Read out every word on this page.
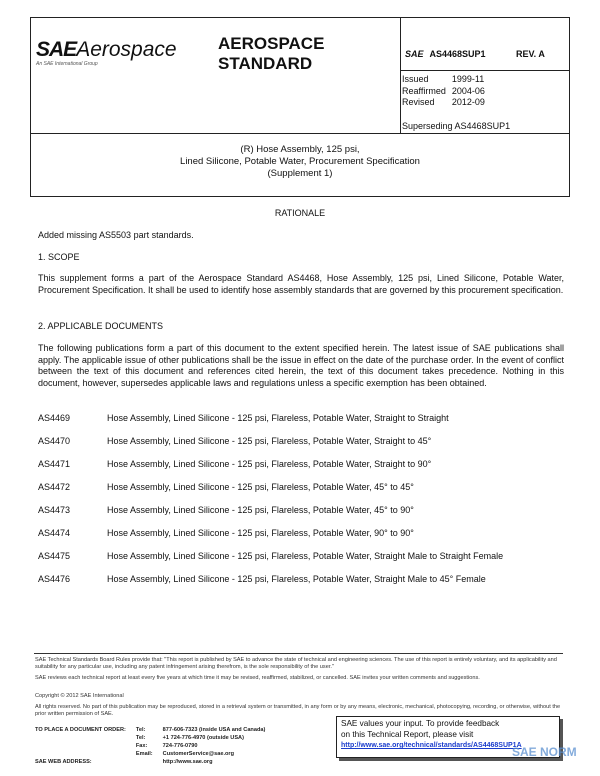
SAEAerospace
An SAE International Group
AEROSPACE
STANDARD	SAE AS4468SUP1	REV. A
Issued	1999-11
Reaffirmed	2004-06
Revised	2012-09
Superseding AS4468SUP1
(R) Hose Assembly, 125 psi,
Lined Silicone, Potable Water, Procurement Specification
(Supplement 1)
RATIONALE
Added missing AS5503 part standards.
1. SCOPE
This supplement forms a part of the Aerospace Standard AS4468, Hose Assembly, 125 psi, Lined Silicone, Potable Water, Procurement Specification. It shall be used to identify hose assembly standards that are governed by this procurement specification.
2. APPLICABLE DOCUMENTS
The following publications form a part of this document to the extent specified herein. The latest issue of SAE publications shall apply. The applicable issue of other publications shall be the issue in effect on the date of the purchase order. In the event of conflict between the text of this document and references cited herein, the text of this document takes precedence. Nothing in this document, however, supersedes applicable laws and regulations unless a specific exemption has been obtained.
AS4469	Hose Assembly, Lined Silicone - 125 psi, Flareless, Potable Water, Straight to Straight
AS4470	Hose Assembly, Lined Silicone - 125 psi, Flareless, Potable Water, Straight to 45°
AS4471	Hose Assembly, Lined Silicone - 125 psi, Flareless, Potable Water, Straight to 90°
AS4472	Hose Assembly, Lined Silicone - 125 psi, Flareless, Potable Water, 45° to 45°
AS4473	Hose Assembly, Lined Silicone - 125 psi, Flareless, Potable Water, 45° to 90°
AS4474	Hose Assembly, Lined Silicone - 125 psi, Flareless, Potable Water, 90° to 90°
AS4475	Hose Assembly, Lined Silicone - 125 psi, Flareless, Potable Water, Straight Male to Straight Female
AS4476	Hose Assembly, Lined Silicone - 125 psi, Flareless, Potable Water, Straight Male to 45° Female
SAE Technical Standards Board Rules provide that: "This report is published by SAE to advance the state of technical and engineering sciences. The use of this report is entirely voluntary, and its applicability and suitability for any particular use, including any patent infringement arising therefrom, is the sole responsibility of the user."
SAE reviews each technical report at least every five years at which time it may be revised, reaffirmed, stabilized, or cancelled. SAE invites your written comments and suggestions.
Copyright © 2012 SAE International
All rights reserved. No part of this publication may be reproduced, stored in a retrieval system or transmitted, in any form or by any means, electronic, mechanical, photocopying, recording, or otherwise, without the prior written permission of SAE.
TO PLACE A DOCUMENT ORDER:	Tel:	877-606-7323 (inside USA and Canada)
	Tel:	+1 724-776-4970 (outside USA)
	Fax:	724-776-0790
	Email:	CustomerService@sae.org
SAE WEB ADDRESS:		http://www.sae.org
SAE values your input. To provide feedback
on this Technical Report, please visit
http://www.sae.org/technical/standards/AS4468SUP1A
SAE NORM
